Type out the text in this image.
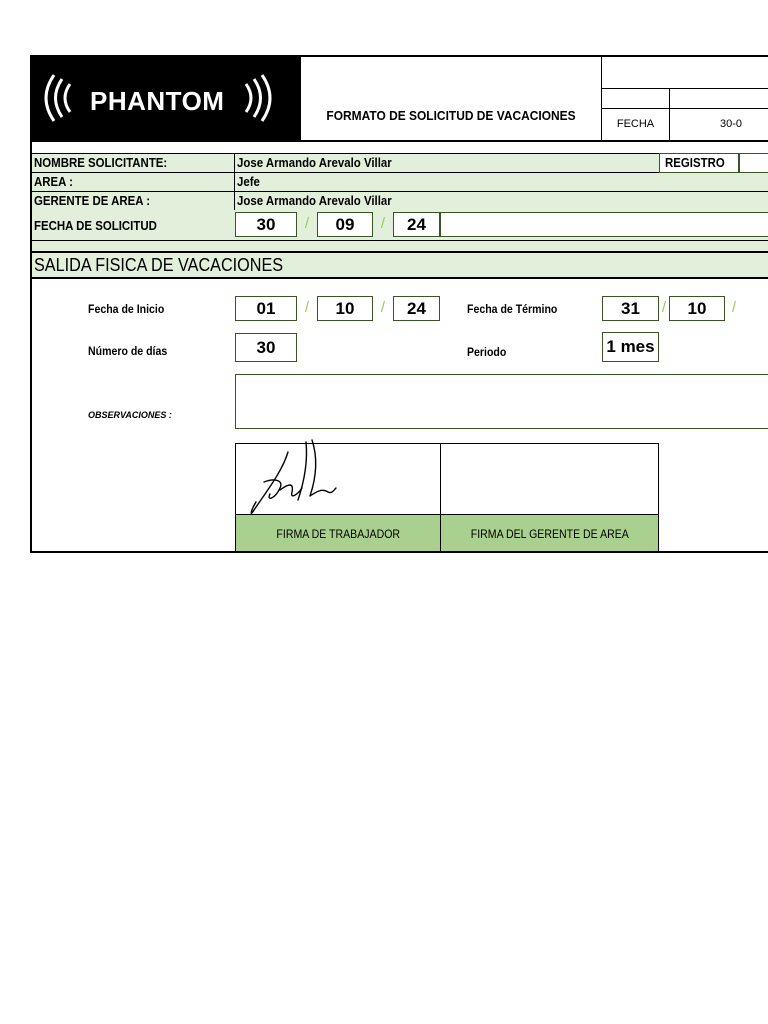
PHANTOM	FORMATO DE SOLICITUD DE VACACIONES
FECHA	30-0
NOMBRE SOLICITANTE:	Jose Armando Arevalo Villar	REGISTRO
AREA :	Jefe
GERENTE DE AREA :	Jose Armando Arevalo Villar
FECHA DE SOLICITUD	30	/	09	/	24
SALIDA FISICA DE VACACIONES
Fecha de Inicio	01	/	10	/	24	Fecha de Término	31	/	10	/
Número de días	30	Periodo	1 mes
OBSERVACIONES :
FIRMA DE TRABAJADOR	FIRMA DEL GERENTE DE AREA
